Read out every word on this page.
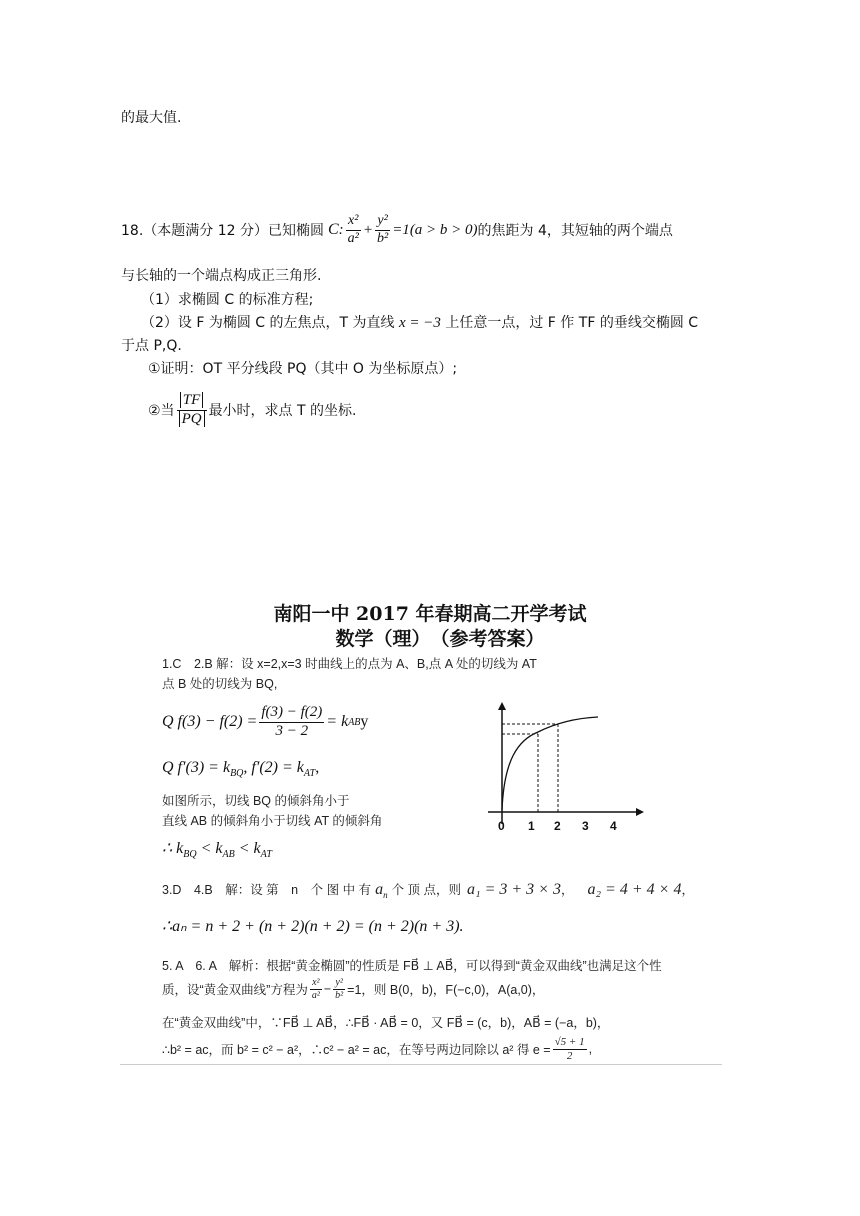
的最大值.
18.（本题满分 12 分）已知椭圆 C : $\frac{\text{x²}}{\text{a²}} + \frac{\text{y²}}{\text{b²}} =1$ (a > b > 0) 的焦距为 4，其短轴的两个端点
与长轴的一个端点构成正三角形.
（1）求椭圆 C 的标准方程;
（2）设 F 为椭圆 C 的左焦点，T 为直线 x = −3 上任意一点，过 F 作 TF 的垂线交椭圆 C
于点 P,Q.
①证明：OT 平分线段 PQ（其中 O 为坐标原点）;
②当 $\frac{TF}{PQ}$ 最小时，求点 T 的坐标.
南阳一中 2017 年春期高二开学考试
数学（理）　（参考答案）
1.C　2.B 解：设 x=2,x=3 时曲线上的点为 A、B,点 A 处的切线为 AT
点 B 处的切线为 BQ,
Q $f(3) - f(2) = \frac{f(3) - f(2)}{3 - 2} = k$ AB y
Q $f'(3) = k_{BQ}$, $f'(2) = k_{AT}$,
如图所示，切线 BQ 的倾斜角小于
直线 AB 的倾斜角小于切线 AT 的倾斜角
∴ $k_{BQ} < k_{AB} < k_{AT}$
0 1 2 3 4
3.D　4.B　解：设 第　n　个 图 中 有 $a_n$ 个 顶 点，则 a₁ = 3 + 3 × 3 ， a₂ = 4 + 4 × 4 ，
∴aₙ = n + 2 + (n + 2)(n + 2) = (n + 2)(n + 3).
5. A　6. A　解析：根据“黄金椭圆”的性质是 FB⃗ ⊥ AB⃗，可以得到“黄金双曲线”也满足这个性
质，设“黄金双曲线”方程为 $\frac{\text{x²}}{\text{a²}} - \frac{\text{y²}}{\text{b²}} =1$，则 B(0，b)，F(−c,0)，A(a,0)，
在“黄金双曲线”中，∵FB⃗ ⊥ AB⃗，∴FB⃗ · AB⃗ = 0，又 FB⃗ = (c，b)，AB⃗ = (−a，b)，
∴b² = ac，而 b² = c² − a²，∴c² − a² = ac，在等号两边同除以 a² 得 $e = \frac{√5 + 1}{2}$ ,
